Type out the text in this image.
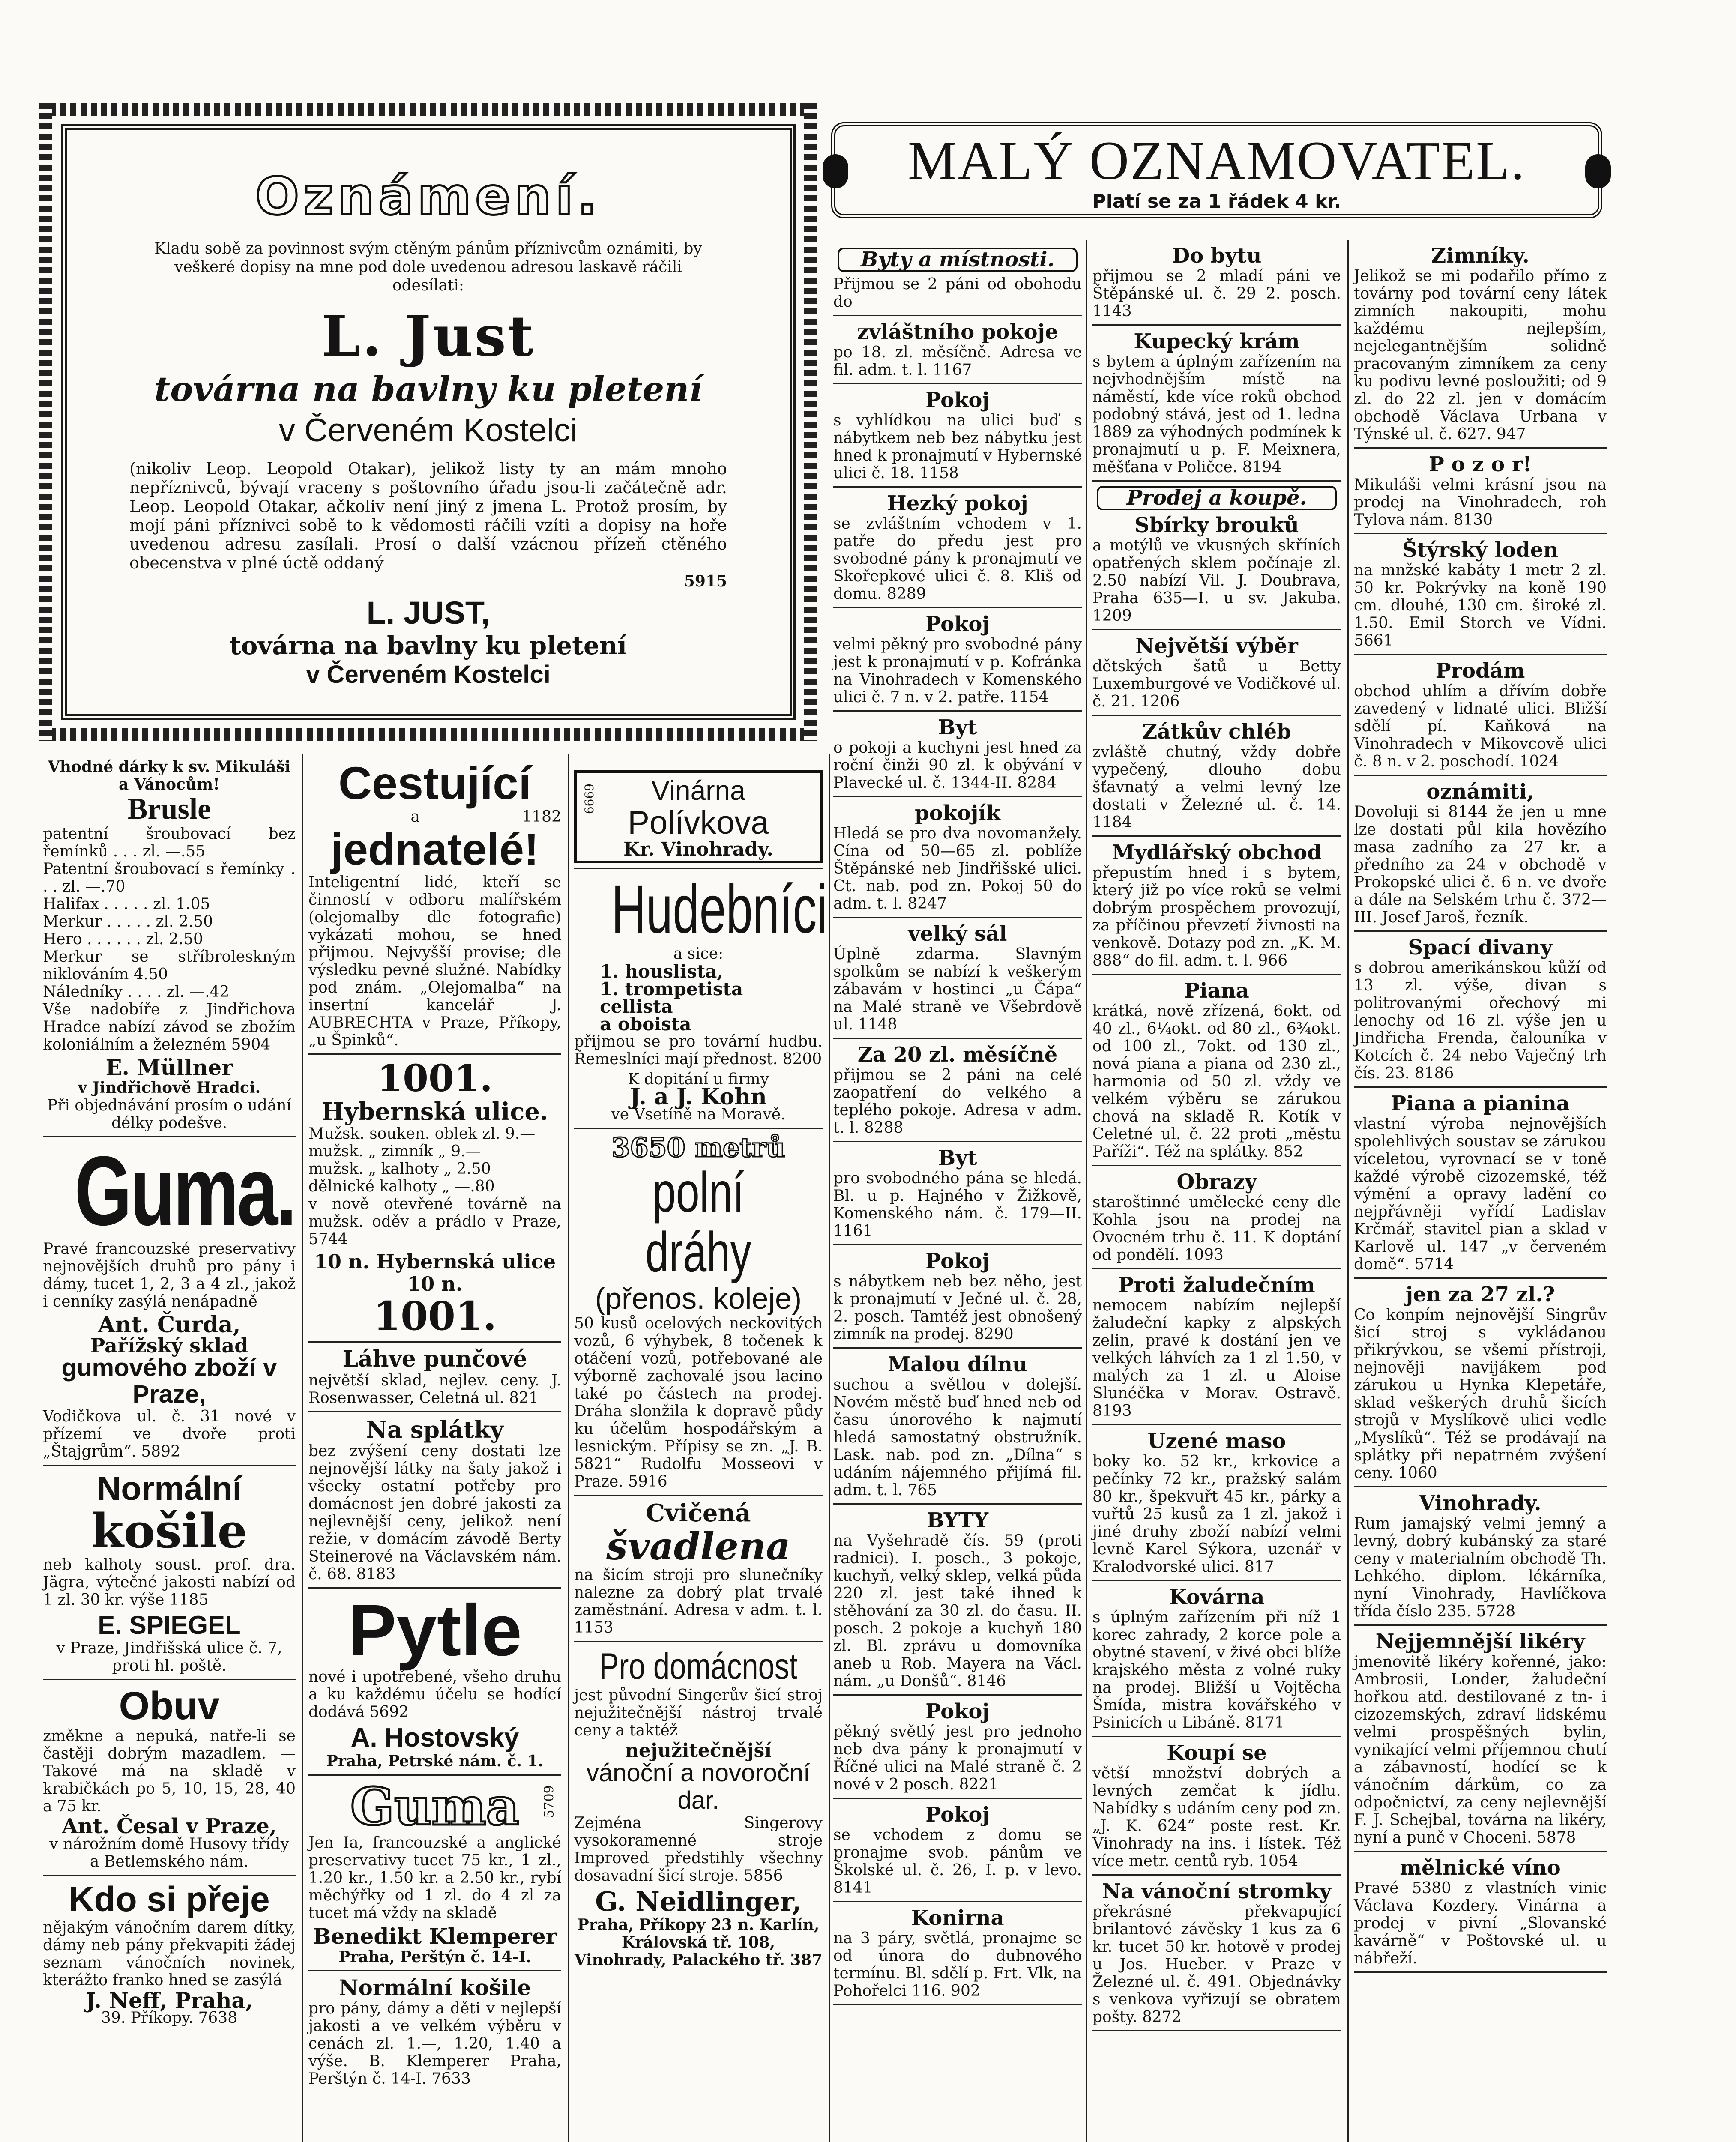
Oznámení.
Kladu sobě za povinnost svým ctěným pánům příznivcům oznámiti, by veškeré dopisy na mne pod dole uvedenou adresou laskavě ráčili odesílati:
L. Just
továrna na bavlny ku pletení
v Červeném Kostelci
(nikoliv Leop. Leopold Otakar), jelikož listy ty an mám mnoho nepříznivců, bývají vraceny s poštovního úřadu jsou-li začátečně adr. Leop. Leopold Otakar, ačkoliv není jiný z jmena L. Protož prosím, by mojí páni příznivci sobě to k vědomosti ráčili vzíti a dopisy na hoře uvedenou adresu zasílali. Prosí o další vzácnou přízeň ctěného obecenstva v plné úctě oddaný
5915
L. JUST,
továrna na bavlny ku pletení
v Červeném Kostelci
MALÝ OZNAMOVATEL.
Platí se za 1 řádek 4 kr.
Vhodné dárky k sv. Mikuláši a Vánocům!
Brusle
patentní šroubovací bez řemínků . . . zl. —.55
Patentní šroubovací s řemínky . . . zl. —.70
Halifax . . . . . zl. 1.05
Merkur . . . . . zl. 2.50
Hero . . . . . . zl. 2.50
Merkur se stříbroleskným niklováním 4.50
Náledníky . . . . zl. —.42

Vše nadobíře z Jindřichova Hradce nabízí závod se zbožím koloniálním a železném 5904

E. Müllner
v Jindřichově Hradci.

Při objednávání prosím o udání délky podešve.

Guma.

Pravé francouzské preservativy nejnovějších druhů pro pány i dámy, tucet 1, 2, 3 a 4 zl., jakož i cenníky zasýlá nenápadně

Ant. Čurda,
Pařížský sklad
gumového zboží v Praze,

Vodičkova ul. č. 31 nové v přízemí ve dvoře proti „Štajgrům“. 5892

Normální
košile

neb kalhoty soust. prof. dra. Jägra, výtečné jakosti nabízí od 1 zl. 30 kr. výše 1185

E. SPIEGEL

v Praze, Jindřišská ulice č. 7, proti hl. poště.

Obuv

změkne a nepuká, natře-li se častěji dobrým mazadlem. — Takové má na skladě v krabičkách po 5, 10, 15, 28, 40 a 75 kr.

Ant. Česal v Praze,

v nárožním domě Husovy třídy a Betlemského nám.

Kdo si přeje

nějakým vánočním darem dítky, dámy neb pány překvapiti žádej seznam vánočních novinek, kterážto franko hned se zasýlá

J. Neff, Praha,
39. Příkopy. 7638
Cestující
a	1182
jednatelé!

Inteligentní lidé, kteří se činností v odboru malířském (olejomalby dle fotografie) vykázati mohou, se hned přijmou. Nejvyšší provise; dle výsledku pevné služné. Nabídky pod znám. „Olejomalba“ na insertní kancelář J. AUBRECHTA v Praze, Příkopy, „u Špinků“.

1001.
Hybernská ulice.
Mužsk. souken. oblek zl. 9.—
mužsk. „ zimník „ 9.—
mužsk. „ kalhoty „ 2.50
dělnické kalhoty „ —.80

v nově otevřené továrně na mužsk. oděv a prádlo v Praze, 5744

10 n. Hybernská ulice 10 n.
1001.
Láhve punčové

největší sklad, nejlev. ceny. J. Rosenwasser, Celetná ul. 821

Na splátky

bez zvýšení ceny dostati lze nejnovější látky na šaty jakož i všecky ostatní potřeby pro domácnost jen dobré jakosti za nejlevnější ceny, jelikož není režie, v domácím závodě Berty Steinerové na Václavském nám. č. 68. 8183

Pytle

nové i upotřebené, všeho druhu a ku každému účelu se hodící dodává 5692

A. Hostovský
Praha, Petrské nám. č. 1.
Guma	5709

Jen Ia, francouzské a anglické preservativy tucet 75 kr., 1 zl., 1.20 kr., 1.50 kr. a 2.50 kr., rybí měchýřky od 1 zl. do 4 zl za tucet má vždy na skladě

Benedikt Klemperer
Praha, Perštýn č. 14-I.
Normální košile

pro pány, dámy a děti v nejlepší jakosti a ve velkém výběru v cenách zl. 1.—, 1.20, 1.40 a výše. B. Klemperer Praha, Perštýn č. 14-I. 7633

6669	Vinárna
Polívkova
Kr. Vinohrady.
Hudebníci
a sice:
1. houslista,
1. trompetista
cellista
a oboista

přijmou se pro tovární hudbu. Řemeslníci mají přednost. 8200

K dopitání u firmy
J. a J. Kohn
ve Vsetíně na Moravě.
3650 metrů
polní dráhy
(přenos. koleje)

50 kusů ocelových neckovitých vozů, 6 výhybek, 8 točenek k otáčení vozů, potřebované ale výborně zachovalé jsou lacino také po částech na prodej. Dráha slonžila k dopravě půdy ku účelům hospodářským a lesnickým. Přípisy se zn. „J. B. 5821“ Rudolfu Mosseovi v Praze. 5916

Cvičená
švadlena

na šicím stroji pro slunečníky nalezne za dobrý plat trvalé zaměstnání. Adresa v adm. t. l. 1153

Pro domácnost

jest původní Singerův šicí stroj nejužitečnější nástroj trvalé ceny a taktéž

nejužitečnější
vánoční a novoroční dar.

Zejména Singerovy vysokoramenné stroje Improved předstihly všechny dosavadní šicí stroje. 5856

G. Neidlinger,
Praha, Příkopy 23 n. Karlín, Královská tř. 108, Vinohrady, Palackého tř. 387
Byty a místnosti.
Přijmou se 2 páni od obohodu do
zvláštního pokoje
po 18. zl. měsíčně. Adresa ve fil. adm. t. l. 1167
Pokoj
s vyhlídkou na ulici buď s nábytkem neb bez nábytku jest hned k pronajmutí v Hybernské ulici č. 18. 1158
Hezký pokoj
se zvláštním vchodem v 1. patře do předu jest pro svobodné pány k pronajmutí ve Skořepkové ulici č. 8. Kliš od domu. 8289
Pokoj
velmi pěkný pro svobodné pány jest k pronajmutí v p. Kofránka na Vinohradech v Komenského ulici č. 7 n. v 2. patře. 1154
Byt
o pokoji a kuchyni jest hned za roční činži 90 zl. k obývání v Plavecké ul. č. 1344-II. 8284
pokojík
Hledá se pro dva novomanžely. Cína od 50—65 zl. poblíže Štěpánské neb Jindřišské ulici. Ct. nab. pod zn. Pokoj 50 do adm. t. l. 8247
velký sál
Úplně zdarma. Slavným spolkům se nabízí k veškerým zábavám v hostinci „u Čápa“ na Malé straně ve Všebrdově ul. 1148
Za 20 zl. měsíčně
přijmou se 2 páni na celé zaopatření do velkého a teplého pokoje. Adresa v adm. t. l. 8288
Byt
pro svobodného pána se hledá. Bl. u p. Hajného v Žižkově, Komenského nám. č. 179—II. 1161
Pokoj
s nábytkem neb bez něho, jest k pronajmutí v Ječné ul. č. 28, 2. posch. Tamtéž jest obnošený zimník na prodej. 8290
Malou dílnu
suchou a světlou v dolejší. Novém městě buď hned neb od času únorového k najmutí hledá samostatný obstružník. Lask. nab. pod zn. „Dílna“ s udáním nájemného přijímá fil. adm. t. l. 765
BYTY
na Vyšehradě čís. 59 (proti radnici). I. posch., 3 pokoje, kuchyň, velký sklep, velká půda 220 zl. jest také ihned k stěhování za 30 zl. do času. II. posch. 2 pokoje a kuchyň 180 zl. Bl. zprávu u domovníka aneb u Rob. Mayera na Václ. nám. „u Donšů“. 8146
Pokoj
pěkný světlý jest pro jednoho neb dva pány k pronajmutí v Říčné ulici na Malé straně č. 2 nové v 2 posch. 8221
Pokoj
se vchodem z domu se pronajme svob. pánům ve Školské ul. č. 26, I. p. v levo. 8141
Konirna
na 3 páry, světlá, pronajme se od února do dubnového termínu. Bl. sdělí p. Frt. Vlk, na Pohořelci 116. 902
Do bytu
přijmou se 2 mladí páni ve Štěpánské ul. č. 29 2. posch. 1143
Kupecký krám
s bytem a úplným zařízením na nejvhodnějším místě na náměstí, kde více roků obchod podobný stává, jest od 1. ledna 1889 za výhodných podmínek k pronajmutí u p. F. Meixnera, měšťana v Poličce. 8194
Prodej a koupě.
Sbírky brouků
a motýlů ve vkusných skříních opatřených sklem počínaje zl. 2.50 nabízí Vil. J. Doubrava, Praha 635—I. u sv. Jakuba. 1209
Největší výběr
dětských šatů u Betty Luxemburgové ve Vodičkové ul. č. 21. 1206
Zátkův chléb
zvláště chutný, vždy dobře vypečený, dlouho dobu šťavnatý a velmi levný lze dostati v Železné ul. č. 14. 1184
Mydlářský obchod
přepustím hned i s bytem, který již po více roků se velmi dobrým prospěchem provozují, za příčinou převzetí živnosti na venkově. Dotazy pod zn. „K. M. 888“ do fil. adm. t. l. 966
Piana
krátká, nově zřízená, 6okt. od 40 zl., 6¼okt. od 80 zl., 6¾okt. od 100 zl., 7okt. od 130 zl., nová piana a piana od 230 zl., harmonia od 50 zl. vždy ve velkém výběru se zárukou chová na skladě R. Kotík v Celetné ul. č. 22 proti „městu Paříži“. Též na splátky. 852
Obrazy
staroštinné umělecké ceny dle Kohla jsou na prodej na Ovocném trhu č. 11. K doptání od pondělí. 1093
Proti žaludečním
nemocem nabízím nejlepší žaludeční kapky z alpských zelin, pravé k dostání jen ve velkých láhvích za 1 zl 1.50, v malých za 1 zl. u Aloise Slunéčka v Morav. Ostravě. 8193
Uzené maso
boky ko. 52 kr., krkovice a pečínky 72 kr., pražský salám 80 kr., špekvuřt 45 kr., párky a vuřtů 25 kusů za 1 zl. jakož i jiné druhy zboží nabízí velmi levně Karel Sýkora, uzenář v Kralodvorské ulici. 817
Kovárna
s úplným zařízením při níž 1 korec zahrady, 2 korce pole a obytné stavení, v živé obci blíže krajského města z volné ruky na prodej. Bližší u Vojtěcha Šmída, mistra kovářského v Psinicích u Libáně. 8171
Koupí se
větší množství dobrých a levných zemčat k jídlu. Nabídky s udáním ceny pod zn. „J. K. 624“ poste rest. Kr. Vinohrady na ins. i lístek. Též více metr. centů ryb. 1054
Na vánoční stromky
překrásné překvapující brilantové závěsky 1 kus za 6 kr. tucet 50 kr. hotově v prodej u Jos. Hueber. v Praze v Železné ul. č. 491. Objednávky s venkova vyřizují se obratem pošty. 8272
Zimníky.
Jelikož se mi podařilo přímo z továrny pod tovární ceny látek zimních nakoupiti, mohu každému nejlepším, nejelegantnějším solidně pracovaným zimníkem za ceny ku podivu levné posloužiti; od 9 zl. do 22 zl. jen v domácím obchodě Václava Urbana v Týnské ul. č. 627. 947
P o z o r!
Mikuláši velmi krásní jsou na prodej na Vinohradech, roh Tylova nám. 8130
Štýrský loden
na mnžské kabáty 1 metr 2 zl. 50 kr. Pokrývky na koně 190 cm. dlouhé, 130 cm. široké zl. 1.50. Emil Storch ve Vídni. 5661
Prodám
obchod uhlím a dřívím dobře zavedený v lidnaté ulici. Bližší sdělí pí. Kaňková na Vinohradech v Mikovcově ulici č. 8 n. v 2. poschodí. 1024
oznámiti,
Dovoluji si 8144 že jen u mne lze dostati půl kila hovězího masa zadního za 27 kr. a předního za 24 v obchodě v Prokopské ulici č. 6 n. ve dvoře a dále na Selském trhu č. 372—III. Josef Jaroš, řezník.
Spací divany
s dobrou amerikánskou kůží od 13 zl. výše, divan s politrovanými ořechový mi lenochy od 16 zl. výše jen u Jindřicha Frenda, čalouníka v Kotcích č. 24 nebo Vaječný trh čís. 23. 8186
Piana a pianina
vlastní výroba nejnovějších spolehlivých soustav se zárukou víceletou, vyrovnací se v toně každé výrobě cizozemské, též výmění a opravy ladění co nejpřávněji vyřídí Ladislav Krčmář, stavitel pian a sklad v Karlově ul. 147 „v červeném domě“. 5714
jen za 27 zl.?
Co konpím nejnovější Singrův šicí stroj s vykládanou přikrývkou, se všemi přístroji, nejnověji navijákem pod zárukou u Hynka Klepetáře, sklad veškerých druhů šicích strojů v Myslíkově ulici vedle „Myslíků“. Též se prodávají na splátky při nepatrném zvýšení ceny. 1060
Vinohrady.
Rum jamajský velmi jemný a levný, dobrý kubánský za staré ceny v materialním obchodě Th. Lehkého. diplom. lékárníka, nyní Vinohrady, Havlíčkova třída číslo 235. 5728
Nejjemnější likéry
jmenovitě likéry kořenné, jako: Ambrosii, Londer, žaludeční hořkou atd. destilované z tn- i cizozemských, zdraví lidskému velmi prospěšných bylin, vynikající velmi příjemnou chutí a zábavností, hodící se k vánočním dárkům, co za odpočnictví, za ceny nejlevnější F. J. Schejbal, továrna na likéry, nyní a punč v Choceni. 5878
mělnické víno
Pravé 5380 z vlastních vinic Václava Kozdery. Vinárna a prodej v pivní „Slovanské kavárně“ v Poštovské ul. u nábřeží.
